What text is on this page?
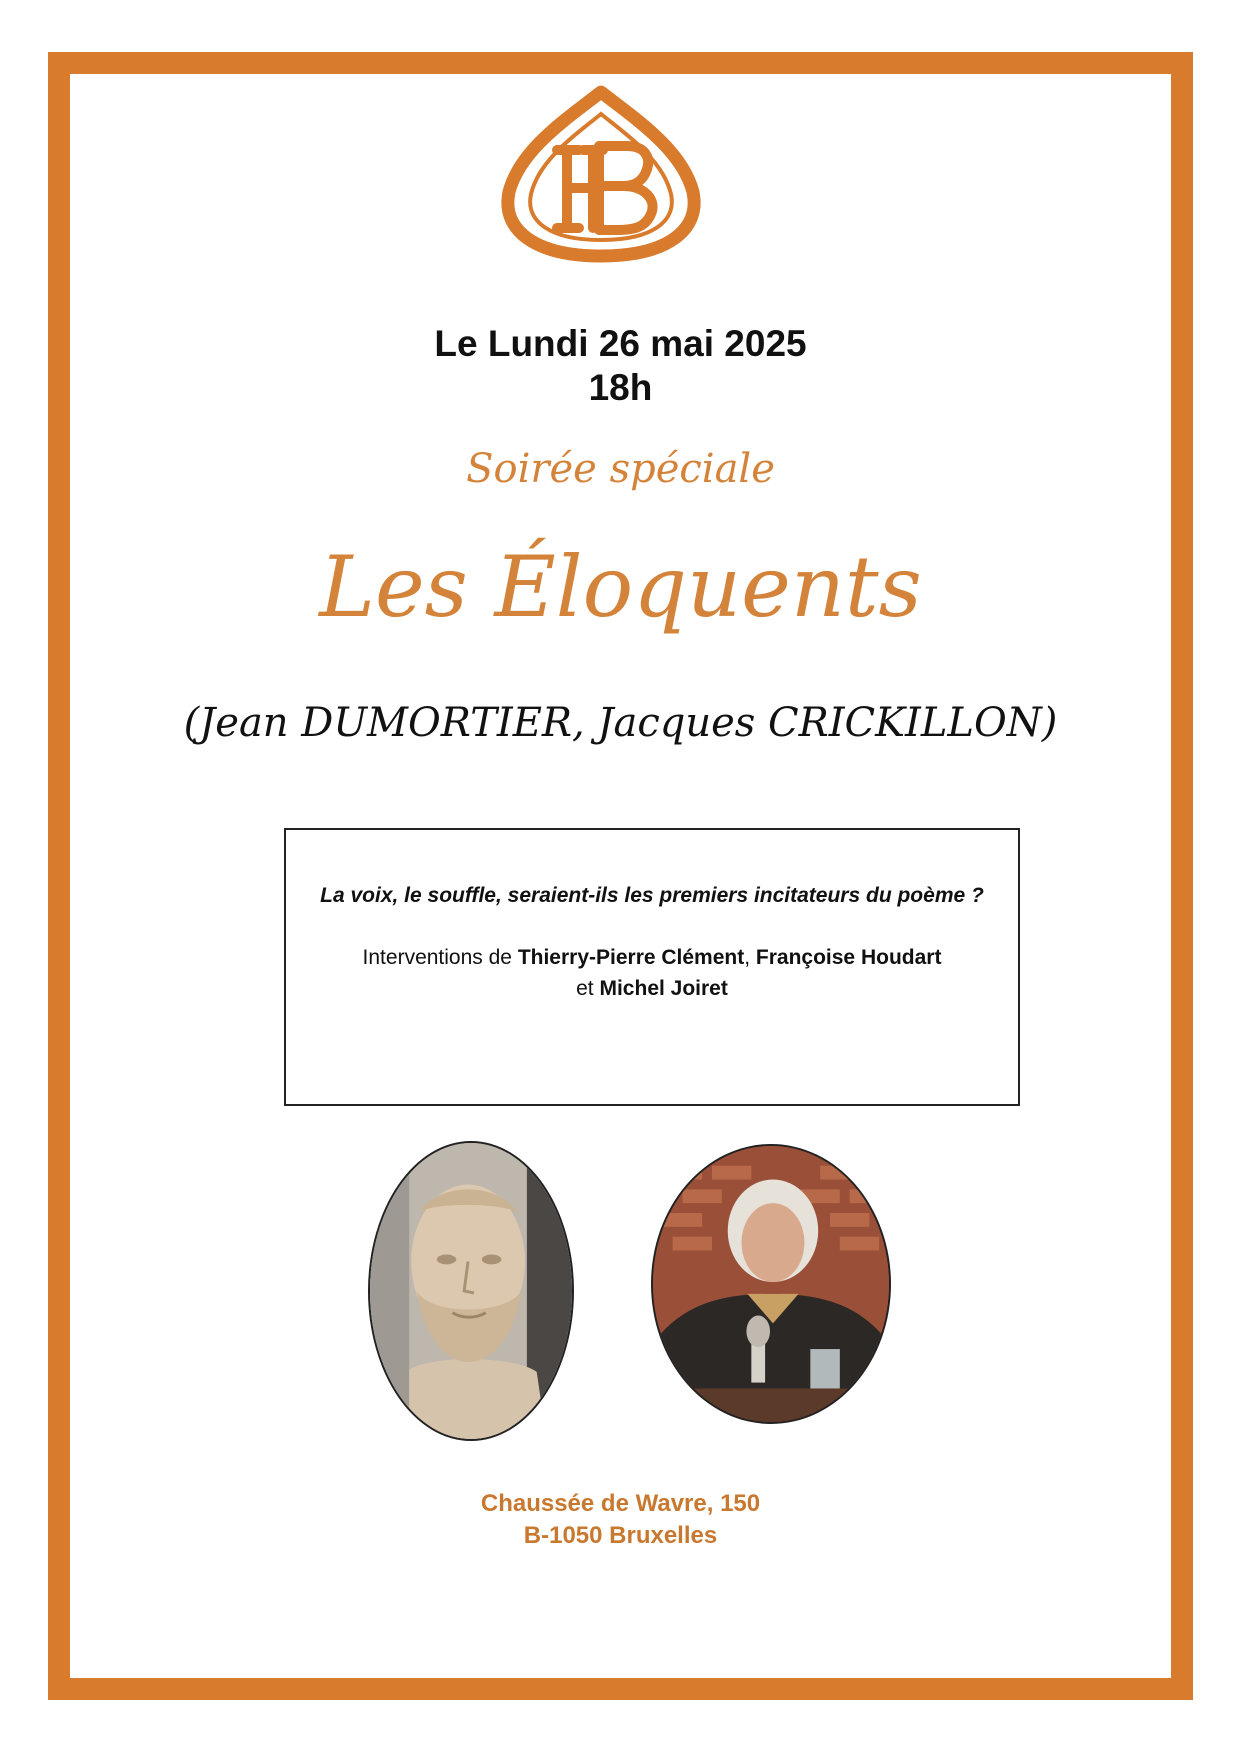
Le Lundi 26 mai 2025
18h
Soirée spéciale
Les Éloquents
(Jean DUMORTIER, Jacques CRICKILLON)

La voix, le souffle, seraient-ils les premiers incitateurs du poème ?

Interventions de Thierry-Pierre Clément, Françoise Houdart
et Michel Joiret

Chaussée de Wavre, 150
B-1050 Bruxelles
